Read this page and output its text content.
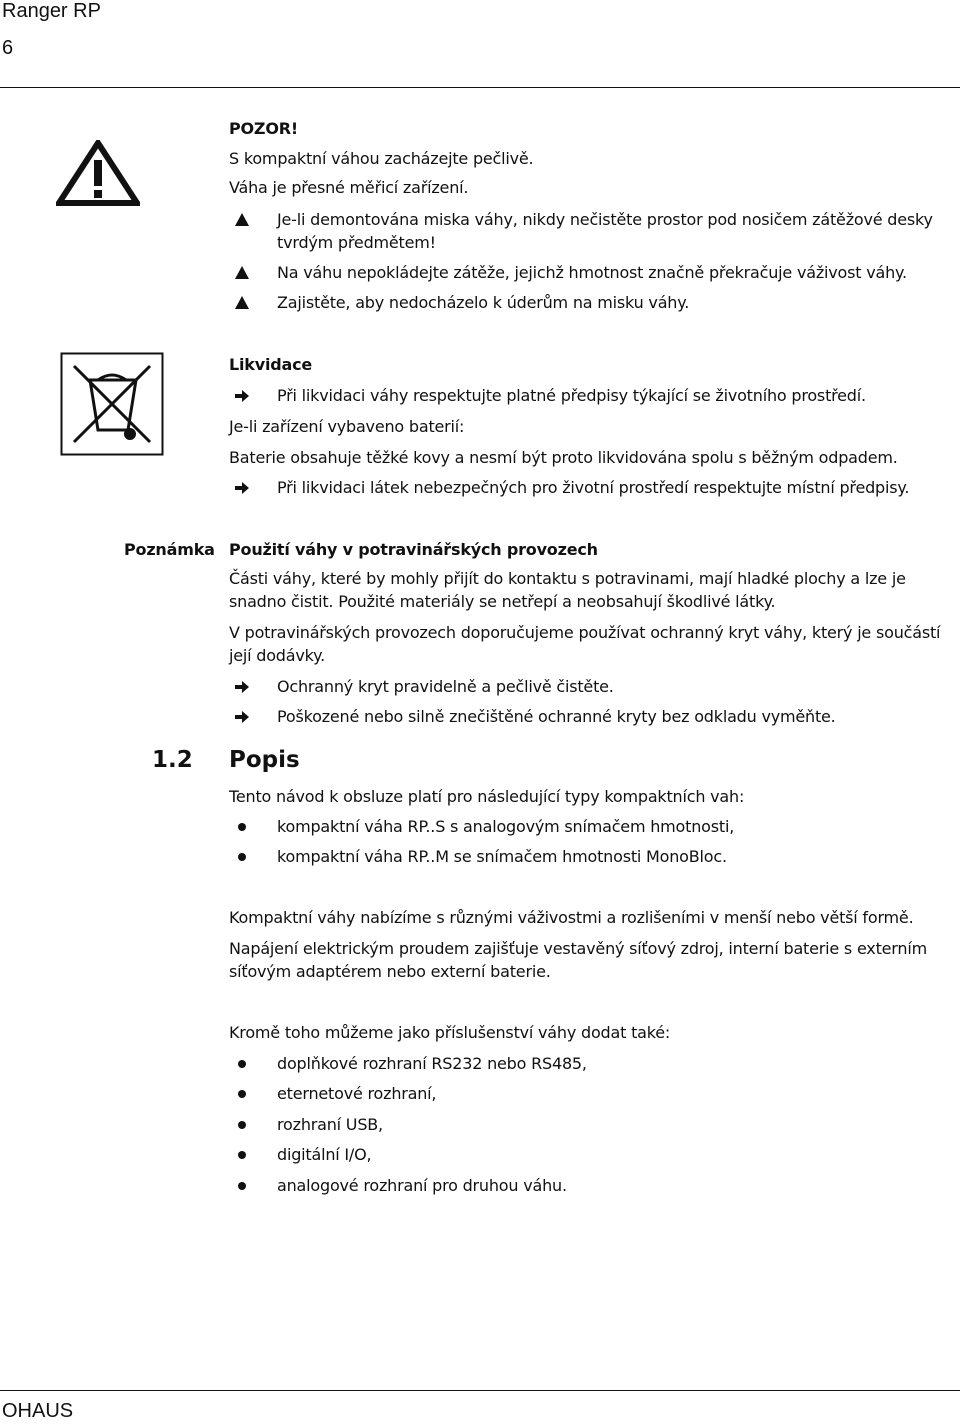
Ranger RP
6
POZOR!
S kompaktní váhou zacházejte pečlivě.
Váha je přesné měřicí zařízení.
Je-li demontována miska váhy, nikdy nečistěte prostor pod nosičem zátěžové desky tvrdým předmětem!
Na váhu nepokládejte zátěže, jejichž hmotnost značně překračuje váživost váhy.
Zajistěte, aby nedocházelo k úderům na misku váhy.
Likvidace
Při likvidaci váhy respektujte platné předpisy týkající se životního prostředí.
Je-li zařízení vybaveno baterií:
Baterie obsahuje těžké kovy a nesmí být proto likvidována spolu s běžným odpadem.
Při likvidaci látek nebezpečných pro životní prostředí respektujte místní předpisy.
Poznámka Použití váhy v potravinářských provozech
Části váhy, které by mohly přijít do kontaktu s potravinami, mají hladké plochy a lze je snadno čistit. Použité materiály se netřepí a neobsahují škodlivé látky.
V potravinářských provozech doporučujeme používat ochranný kryt váhy, který je součástí její dodávky.
Ochranný kryt pravidelně a pečlivě čistěte.
Poškozené nebo silně znečištěné ochranné kryty bez odkladu vyměňte.
1.2 Popis
Tento návod k obsluze platí pro následující typy kompaktních vah:
kompaktní váha RP..S s analogovým snímačem hmotnosti,
kompaktní váha RP..M se snímačem hmotnosti MonoBloc.
Kompaktní váhy nabízíme s různými váživostmi a rozlišeními v menší nebo větší formě.
Napájení elektrickým proudem zajišťuje vestavěný síťový zdroj, interní baterie s externím síťovým adaptérem nebo externí baterie.
Kromě toho můžeme jako příslušenství váhy dodat také:
doplňkové rozhraní RS232 nebo RS485,
eternetové rozhraní,
rozhraní USB,
digitální I/O,
analogové rozhraní pro druhou váhu.
OHAUS
